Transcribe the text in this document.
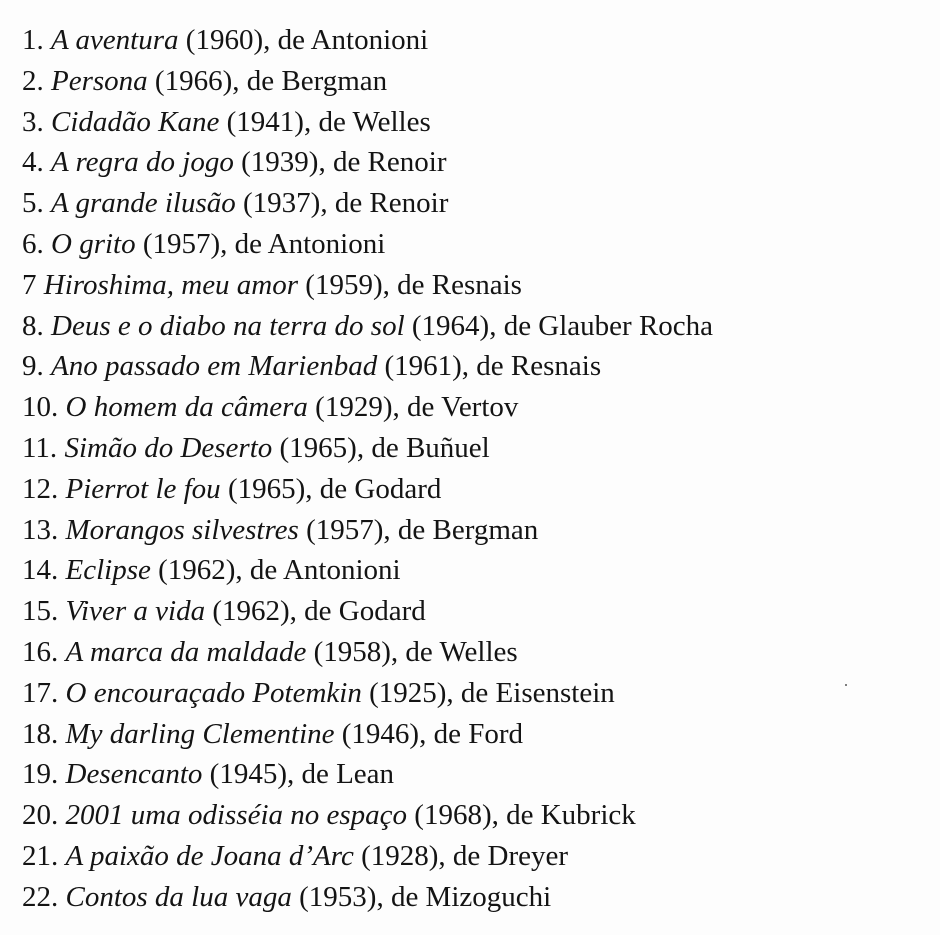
1. A aventura (1960), de Antonioni
2. Persona (1966), de Bergman
3. Cidadão Kane (1941), de Welles
4. A regra do jogo (1939), de Renoir
5. A grande ilusão (1937), de Renoir
6. O grito (1957), de Antonioni
7 Hiroshima, meu amor (1959), de Resnais
8. Deus e o diabo na terra do sol (1964), de Glauber Rocha
9. Ano passado em Marienbad (1961), de Resnais
10. O homem da câmera (1929), de Vertov
11. Simão do Deserto (1965), de Buñuel
12. Pierrot le fou (1965), de Godard
13. Morangos silvestres (1957), de Bergman
14. Eclipse (1962), de Antonioni
15. Viver a vida (1962), de Godard
16. A marca da maldade (1958), de Welles
17. O encouraçado Potemkin (1925), de Eisenstein
18. My darling Clementine (1946), de Ford
19. Desencanto (1945), de Lean
20. 2001 uma odisséia no espaço (1968), de Kubrick
21. A paixão de Joana d’Arc (1928), de Dreyer
22. Contos da lua vaga (1953), de Mizoguchi
